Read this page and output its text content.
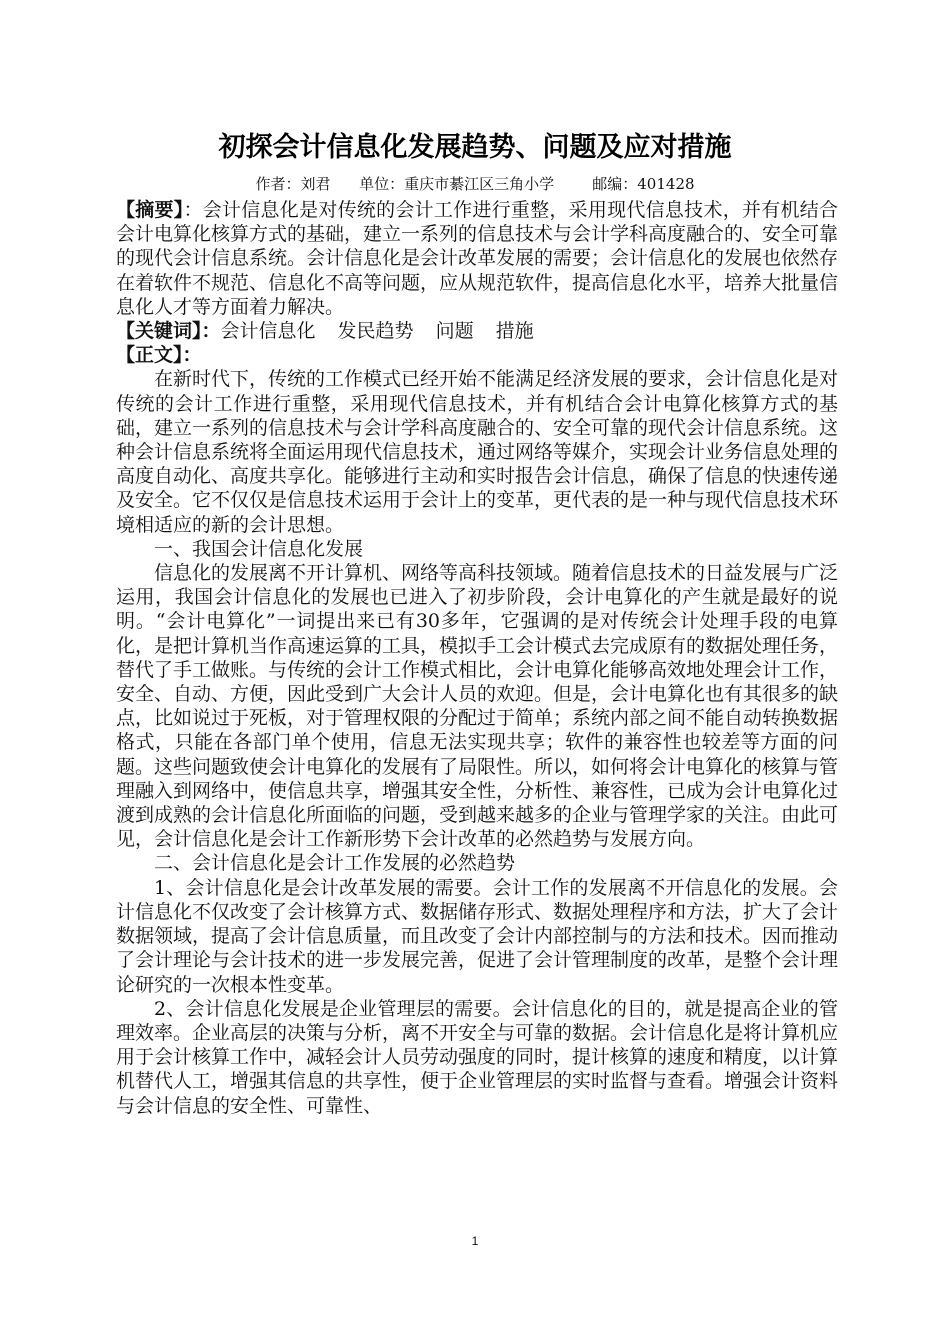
初探会计信息化发展趋势、问题及应对措施
作者：刘君 单位：重庆市綦江区三角小学	邮编：401428

【摘要】：会计信息化是对传统的会计工作进行重整，采用现代信息技术，并有机结合会计电算化核算方式的基础，建立一系列的信息技术与会计学科高度融合的、安全可靠的现代会计信息系统。会计信息化是会计改革发展的需要；会计信息化的发展也依然存在着软件不规范、信息化不高等问题，应从规范软件，提高信息化水平，培养大批量信息化人才等方面着力解决。

【关键词】：会计信息化 发民趋势 问题 措施

【正文】：

在新时代下，传统的工作模式已经开始不能满足经济发展的要求，会计信息化是对传统的会计工作进行重整，采用现代信息技术，并有机结合会计电算化核算方式的基础，建立一系列的信息技术与会计学科高度融合的、安全可靠的现代会计信息系统。这种会计信息系统将全面运用现代信息技术，通过网络等媒介，实现会计业务信息处理的高度自动化、高度共享化。能够进行主动和实时报告会计信息，确保了信息的快速传递及安全。它不仅仅是信息技术运用于会计上的变革，更代表的是一种与现代信息技术环境相适应的新的会计思想。

一、我国会计信息化发展

信息化的发展离不开计算机、网络等高科技领域。随着信息技术的日益发展与广泛运用，我国会计信息化的发展也已进入了初步阶段，会计电算化的产生就是最好的说明。“会计电算化”一词提出来已有30多年，它强调的是对传统会计处理手段的电算化，是把计算机当作高速运算的工具，模拟手工会计模式去完成原有的数据处理任务，替代了手工做账。与传统的会计工作模式相比，会计电算化能够高效地处理会计工作，安全、自动、方便，因此受到广大会计人员的欢迎。但是，会计电算化也有其很多的缺点，比如说过于死板，对于管理权限的分配过于简单；系统内部之间不能自动转换数据格式，只能在各部门单个使用，信息无法实现共享；软件的兼容性也较差等方面的问题。这些问题致使会计电算化的发展有了局限性。所以，如何将会计电算化的核算与管理融入到网络中，使信息共享，增强其安全性，分析性、兼容性，已成为会计电算化过渡到成熟的会计信息化所面临的问题，受到越来越多的企业与管理学家的关注。由此可见，会计信息化是会计工作新形势下会计改革的必然趋势与发展方向。

二、会计信息化是会计工作发展的必然趋势

1、会计信息化是会计改革发展的需要。会计工作的发展离不开信息化的发展。会计信息化不仅改变了会计核算方式、数据储存形式、数据处理程序和方法，扩大了会计数据领域，提高了会计信息质量，而且改变了会计内部控制与的方法和技术。因而推动了会计理论与会计技术的进一步发展完善，促进了会计管理制度的改革，是整个会计理论研究的一次根本性变革。

2、会计信息化发展是企业管理层的需要。会计信息化的目的，就是提高企业的管理效率。企业高层的决策与分析，离不开安全与可靠的数据。会计信息化是将计算机应用于会计核算工作中，减轻会计人员劳动强度的同时，提计核算的速度和精度，以计算机替代人工，增强其信息的共享性，便于企业管理层的实时监督与查看。增强会计资料与会计信息的安全性、可靠性、

1
